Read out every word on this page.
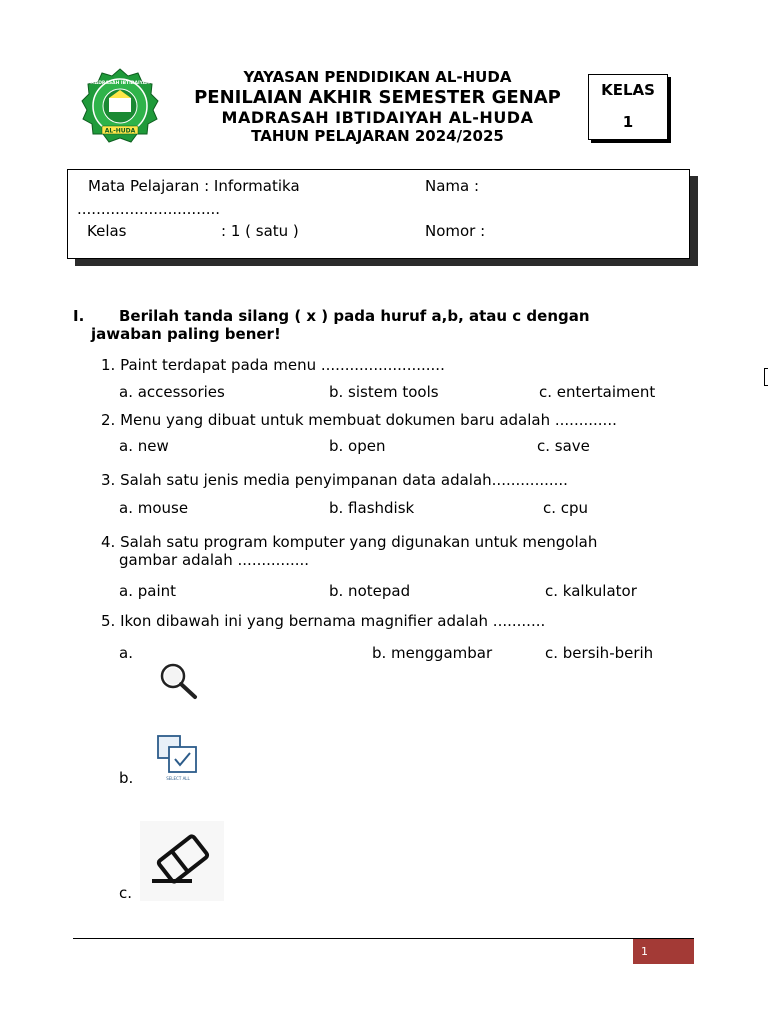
AL-HUDA
MADRASAH IBTIDAIYAH	YAYASAN PENDIDIKAN AL-HUDA
PENILAIAN AKHIR SEMESTER GENAP
MADRASAH IBTIDAIYAH AL-HUDA
TAHUN PELAJARAN 2024/2025
KELAS
1
Mata Pelajaran : Informatika	Nama :
..............................
Kelas	: 1 ( satu )	Nomor :
I. Berilah tanda silang ( x ) pada huruf a,b, atau c dengan
jawaban paling bener!
1. Paint terdapat pada menu ..........................
a. accessories	b. sistem tools	c. entertaiment
2. Menu yang dibuat untuk membuat dokumen baru adalah .............
a. new	b. open	c. save
3. Salah satu jenis media penyimpanan data adalah................
a. mouse	b. flashdisk	c. cpu
4. Salah satu program komputer yang digunakan untuk mengolah
gambar adalah ...............
a. paint	b. notepad	c. kalkulator
5. Ikon dibawah ini yang bernama magnifier adalah ...........
a.	b. menggambar	c. bersih-berih
b.	SELECT ALL
c.
1
